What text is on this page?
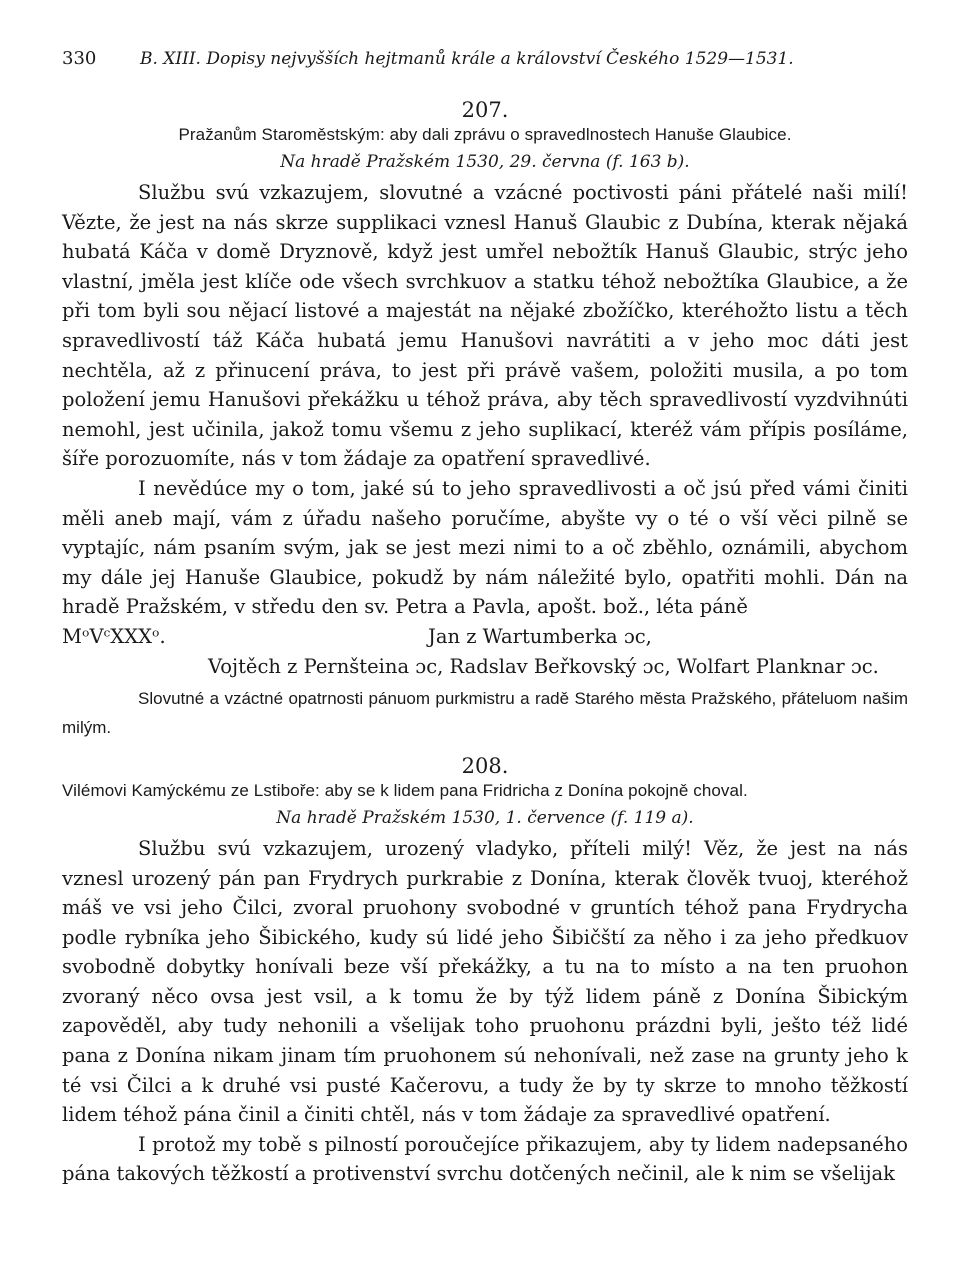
330	B. XIII. Dopisy nejvyšších hejtmanů krále a království Českého 1529—1531.
207.
Pražanům Staroměstským: aby dali zprávu o spravedlnostech Hanuše Glaubice.
Na hradě Pražském 1530, 29. června (f. 163 b).

Službu svú vzkazujem, slovutné a vzácné poctivosti páni přátelé naši milí! Vězte, že jest na nás skrze supplikaci vznesl Hanuš Glaubic z Dubína, kterak nějaká hubatá Káča v domě Dryznově, když jest umřel nebožtík Hanuš Glaubic, strýc jeho vlastní, jměla jest klíče ode všech svrchkuov a statku téhož nebožtíka Glaubice, a že při tom byli sou nějací listové a majestát na nějaké zbožíčko, kteréhožto listu a těch spravedlivostí táž Káča hubatá jemu Hanušovi navrátiti a v jeho moc dáti jest nechtěla, až z přinucení práva, to jest při právě vašem, položiti musila, a po tom položení jemu Hanušovi překážku u téhož práva, aby těch spravedlivostí vyzdvihnúti nemohl, jest učinila, jakož tomu všemu z jeho suplikací, kteréž vám přípis posíláme, šíře porozuomíte, nás v tom žádaje za opatření spravedlivé.

I nevědúce my o tom, jaké sú to jeho spravedlivosti a oč jsú před vámi činiti měli aneb mají, vám z úřadu našeho poručíme, abyšte vy o té o vší věci pilně se vyptajíc, nám psaním svým, jak se jest mezi nimi to a oč zběhlo, oznámili, abychom my dále jej Hanuše Glaubice, pokudž by nám náležité bylo, opatřiti mohli. Dán na hradě Pražském, v středu den sv. Petra a Pavla, apošt. bož., léta páně

MᵒVᶜXXXᵒ.	Jan z Wartumberka ɔc,
Vojtěch z Pernšteina ɔc, Radslav Beřkovský ɔc, Wolfart Planknar ɔc.
Slovutné a vzáctné opatrnosti pánuom purkmistru a radě Starého města Pražského, přáteluom našim milým.
208.
Vilémovi Kamýckému ze Lstiboře: aby se k lidem pana Fridricha z Donína pokojně choval.
Na hradě Pražském 1530, 1. července (f. 119 a).

Službu svú vzkazujem, urozený vladyko, příteli milý! Věz, že jest na nás vznesl urozený pán pan Frydrych purkrabie z Donína, kterak člověk tvuoj, kteréhož máš ve vsi jeho Čilci, zvoral pruohony svobodné v gruntích téhož pana Frydrycha podle rybníka jeho Šibického, kudy sú lidé jeho Šibičští za něho i za jeho předkuov svobodně dobytky honívali beze vší překážky, a tu na to místo a na ten pruohon zvoraný něco ovsa jest vsil, a k tomu že by týž lidem páně z Donína Šibickým zapověděl, aby tudy nehonili a všelijak toho pruohonu prázdni byli, ješto též lidé pana z Donína nikam jinam tím pruohonem sú nehonívali, než zase na grunty jeho k té vsi Čilci a k druhé vsi pusté Kačerovu, a tudy že by ty skrze to mnoho těžkostí lidem téhož pána činil a činiti chtěl, nás v tom žádaje za spravedlivé opatření.

I protož my tobě s pilností poroučejíce přikazujem, aby ty lidem nadepsaného pána takových těžkostí a protivenství svrchu dotčených nečinil, ale k nim se všelijak
